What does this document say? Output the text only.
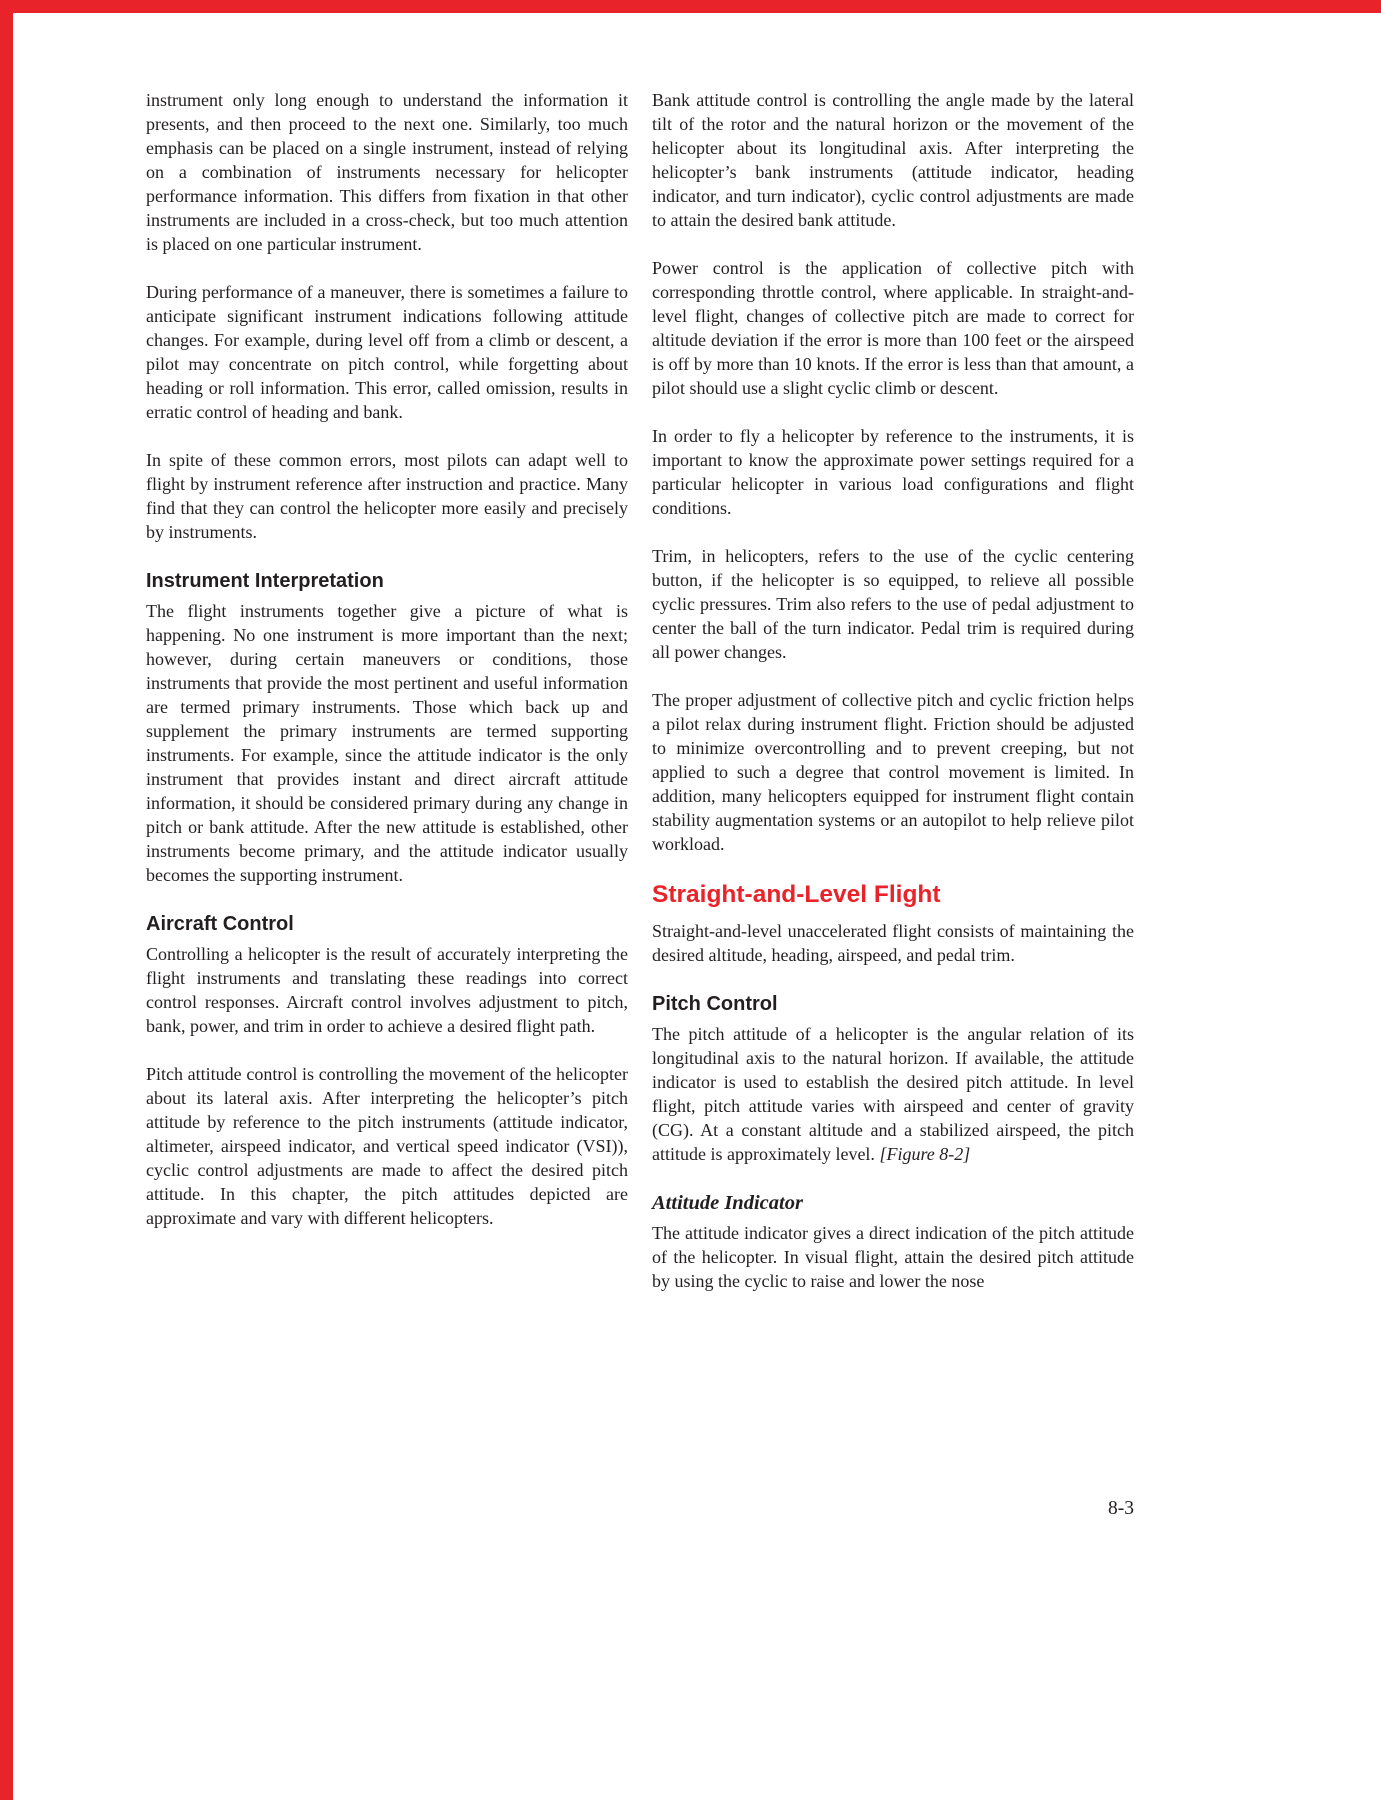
instrument only long enough to understand the information it presents, and then proceed to the next one. Similarly, too much emphasis can be placed on a single instrument, instead of relying on a combination of instruments necessary for helicopter performance information. This differs from fixation in that other instruments are included in a cross-check, but too much attention is placed on one particular instrument.

During performance of a maneuver, there is sometimes a failure to anticipate significant instrument indications following attitude changes. For example, during level off from a climb or descent, a pilot may concentrate on pitch control, while forgetting about heading or roll information. This error, called omission, results in erratic control of heading and bank.

In spite of these common errors, most pilots can adapt well to flight by instrument reference after instruction and practice. Many find that they can control the helicopter more easily and precisely by instruments.

Instrument Interpretation

The flight instruments together give a picture of what is happening. No one instrument is more important than the next; however, during certain maneuvers or conditions, those instruments that provide the most pertinent and useful information are termed primary instruments. Those which back up and supplement the primary instruments are termed supporting instruments. For example, since the attitude indicator is the only instrument that provides instant and direct aircraft attitude information, it should be considered primary during any change in pitch or bank attitude. After the new attitude is established, other instruments become primary, and the attitude indicator usually becomes the supporting instrument.

Aircraft Control

Controlling a helicopter is the result of accurately interpreting the flight instruments and translating these readings into correct control responses. Aircraft control involves adjustment to pitch, bank, power, and trim in order to achieve a desired flight path.

Pitch attitude control is controlling the movement of the helicopter about its lateral axis. After interpreting the helicopter’s pitch attitude by reference to the pitch instruments (attitude indicator, altimeter, airspeed indicator, and vertical speed indicator (VSI)), cyclic control adjustments are made to affect the desired pitch attitude. In this chapter, the pitch attitudes depicted are approximate and vary with different helicopters.

Bank attitude control is controlling the angle made by the lateral tilt of the rotor and the natural horizon or the movement of the helicopter about its longitudinal axis. After interpreting the helicopter’s bank instruments (attitude indicator, heading indicator, and turn indicator), cyclic control adjustments are made to attain the desired bank attitude.

Power control is the application of collective pitch with corresponding throttle control, where applicable. In straight-and-level flight, changes of collective pitch are made to correct for altitude deviation if the error is more than 100 feet or the airspeed is off by more than 10 knots. If the error is less than that amount, a pilot should use a slight cyclic climb or descent.

In order to fly a helicopter by reference to the instruments, it is important to know the approximate power settings required for a particular helicopter in various load configurations and flight conditions.

Trim, in helicopters, refers to the use of the cyclic centering button, if the helicopter is so equipped, to relieve all possible cyclic pressures. Trim also refers to the use of pedal adjustment to center the ball of the turn indicator. Pedal trim is required during all power changes.

The proper adjustment of collective pitch and cyclic friction helps a pilot relax during instrument flight. Friction should be adjusted to minimize overcontrolling and to prevent creeping, but not applied to such a degree that control movement is limited. In addition, many helicopters equipped for instrument flight contain stability augmentation systems or an autopilot to help relieve pilot workload.

Straight-and-Level Flight

Straight-and-level unaccelerated flight consists of maintaining the desired altitude, heading, airspeed, and pedal trim.

Pitch Control

The pitch attitude of a helicopter is the angular relation of its longitudinal axis to the natural horizon. If available, the attitude indicator is used to establish the desired pitch attitude. In level flight, pitch attitude varies with airspeed and center of gravity (CG). At a constant altitude and a stabilized airspeed, the pitch attitude is approximately level. [Figure 8-2]

Attitude Indicator

The attitude indicator gives a direct indication of the pitch attitude of the helicopter. In visual flight, attain the desired pitch attitude by using the cyclic to raise and lower the nose

8-3
